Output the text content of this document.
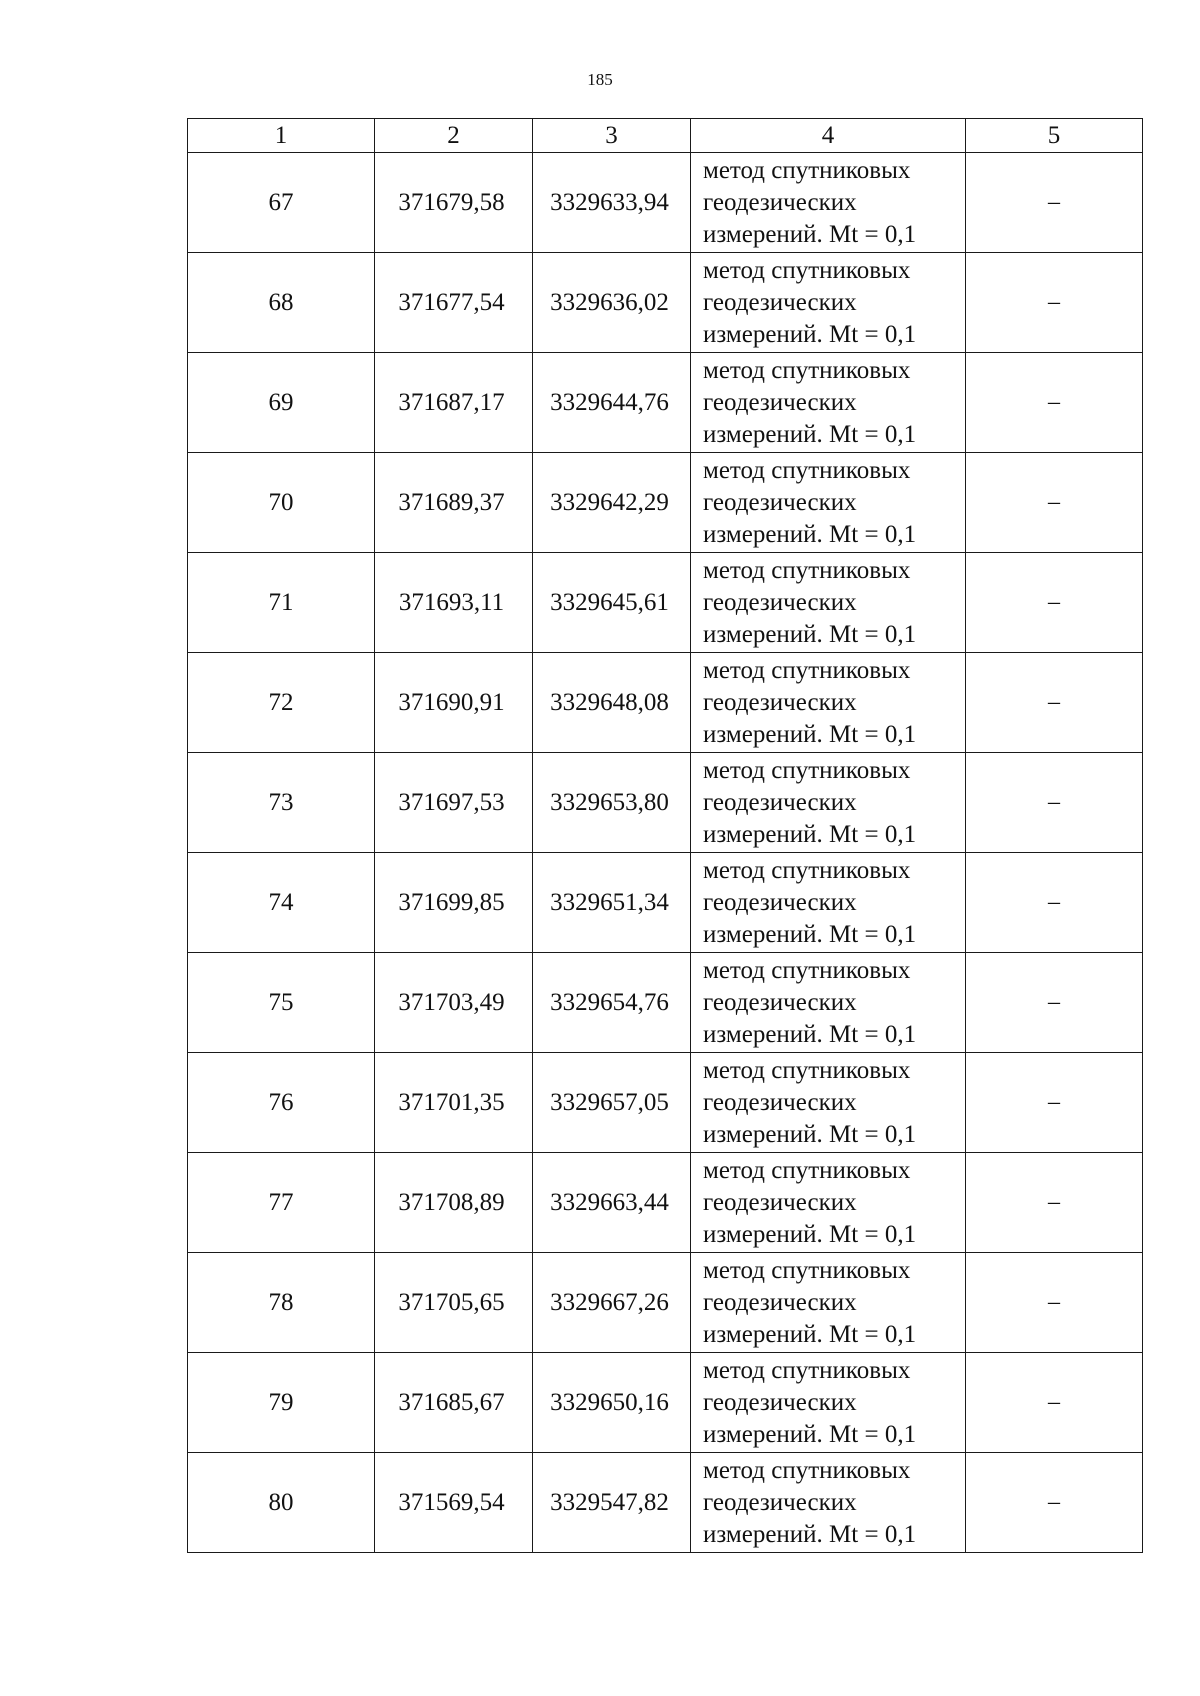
185
1	2	3	4	5
67	371679,58	3329633,94	метод спутниковых
геодезических
измерений. Mt = 0,1	–
68	371677,54	3329636,02	метод спутниковых
геодезических
измерений. Mt = 0,1	–
69	371687,17	3329644,76	метод спутниковых
геодезических
измерений. Mt = 0,1	–
70	371689,37	3329642,29	метод спутниковых
геодезических
измерений. Mt = 0,1	–
71	371693,11	3329645,61	метод спутниковых
геодезических
измерений. Mt = 0,1	–
72	371690,91	3329648,08	метод спутниковых
геодезических
измерений. Mt = 0,1	–
73	371697,53	3329653,80	метод спутниковых
геодезических
измерений. Mt = 0,1	–
74	371699,85	3329651,34	метод спутниковых
геодезических
измерений. Mt = 0,1	–
75	371703,49	3329654,76	метод спутниковых
геодезических
измерений. Mt = 0,1	–
76	371701,35	3329657,05	метод спутниковых
геодезических
измерений. Mt = 0,1	–
77	371708,89	3329663,44	метод спутниковых
геодезических
измерений. Mt = 0,1	–
78	371705,65	3329667,26	метод спутниковых
геодезических
измерений. Mt = 0,1	–
79	371685,67	3329650,16	метод спутниковых
геодезических
измерений. Mt = 0,1	–
80	371569,54	3329547,82	метод спутниковых
геодезических
измерений. Mt = 0,1	–
